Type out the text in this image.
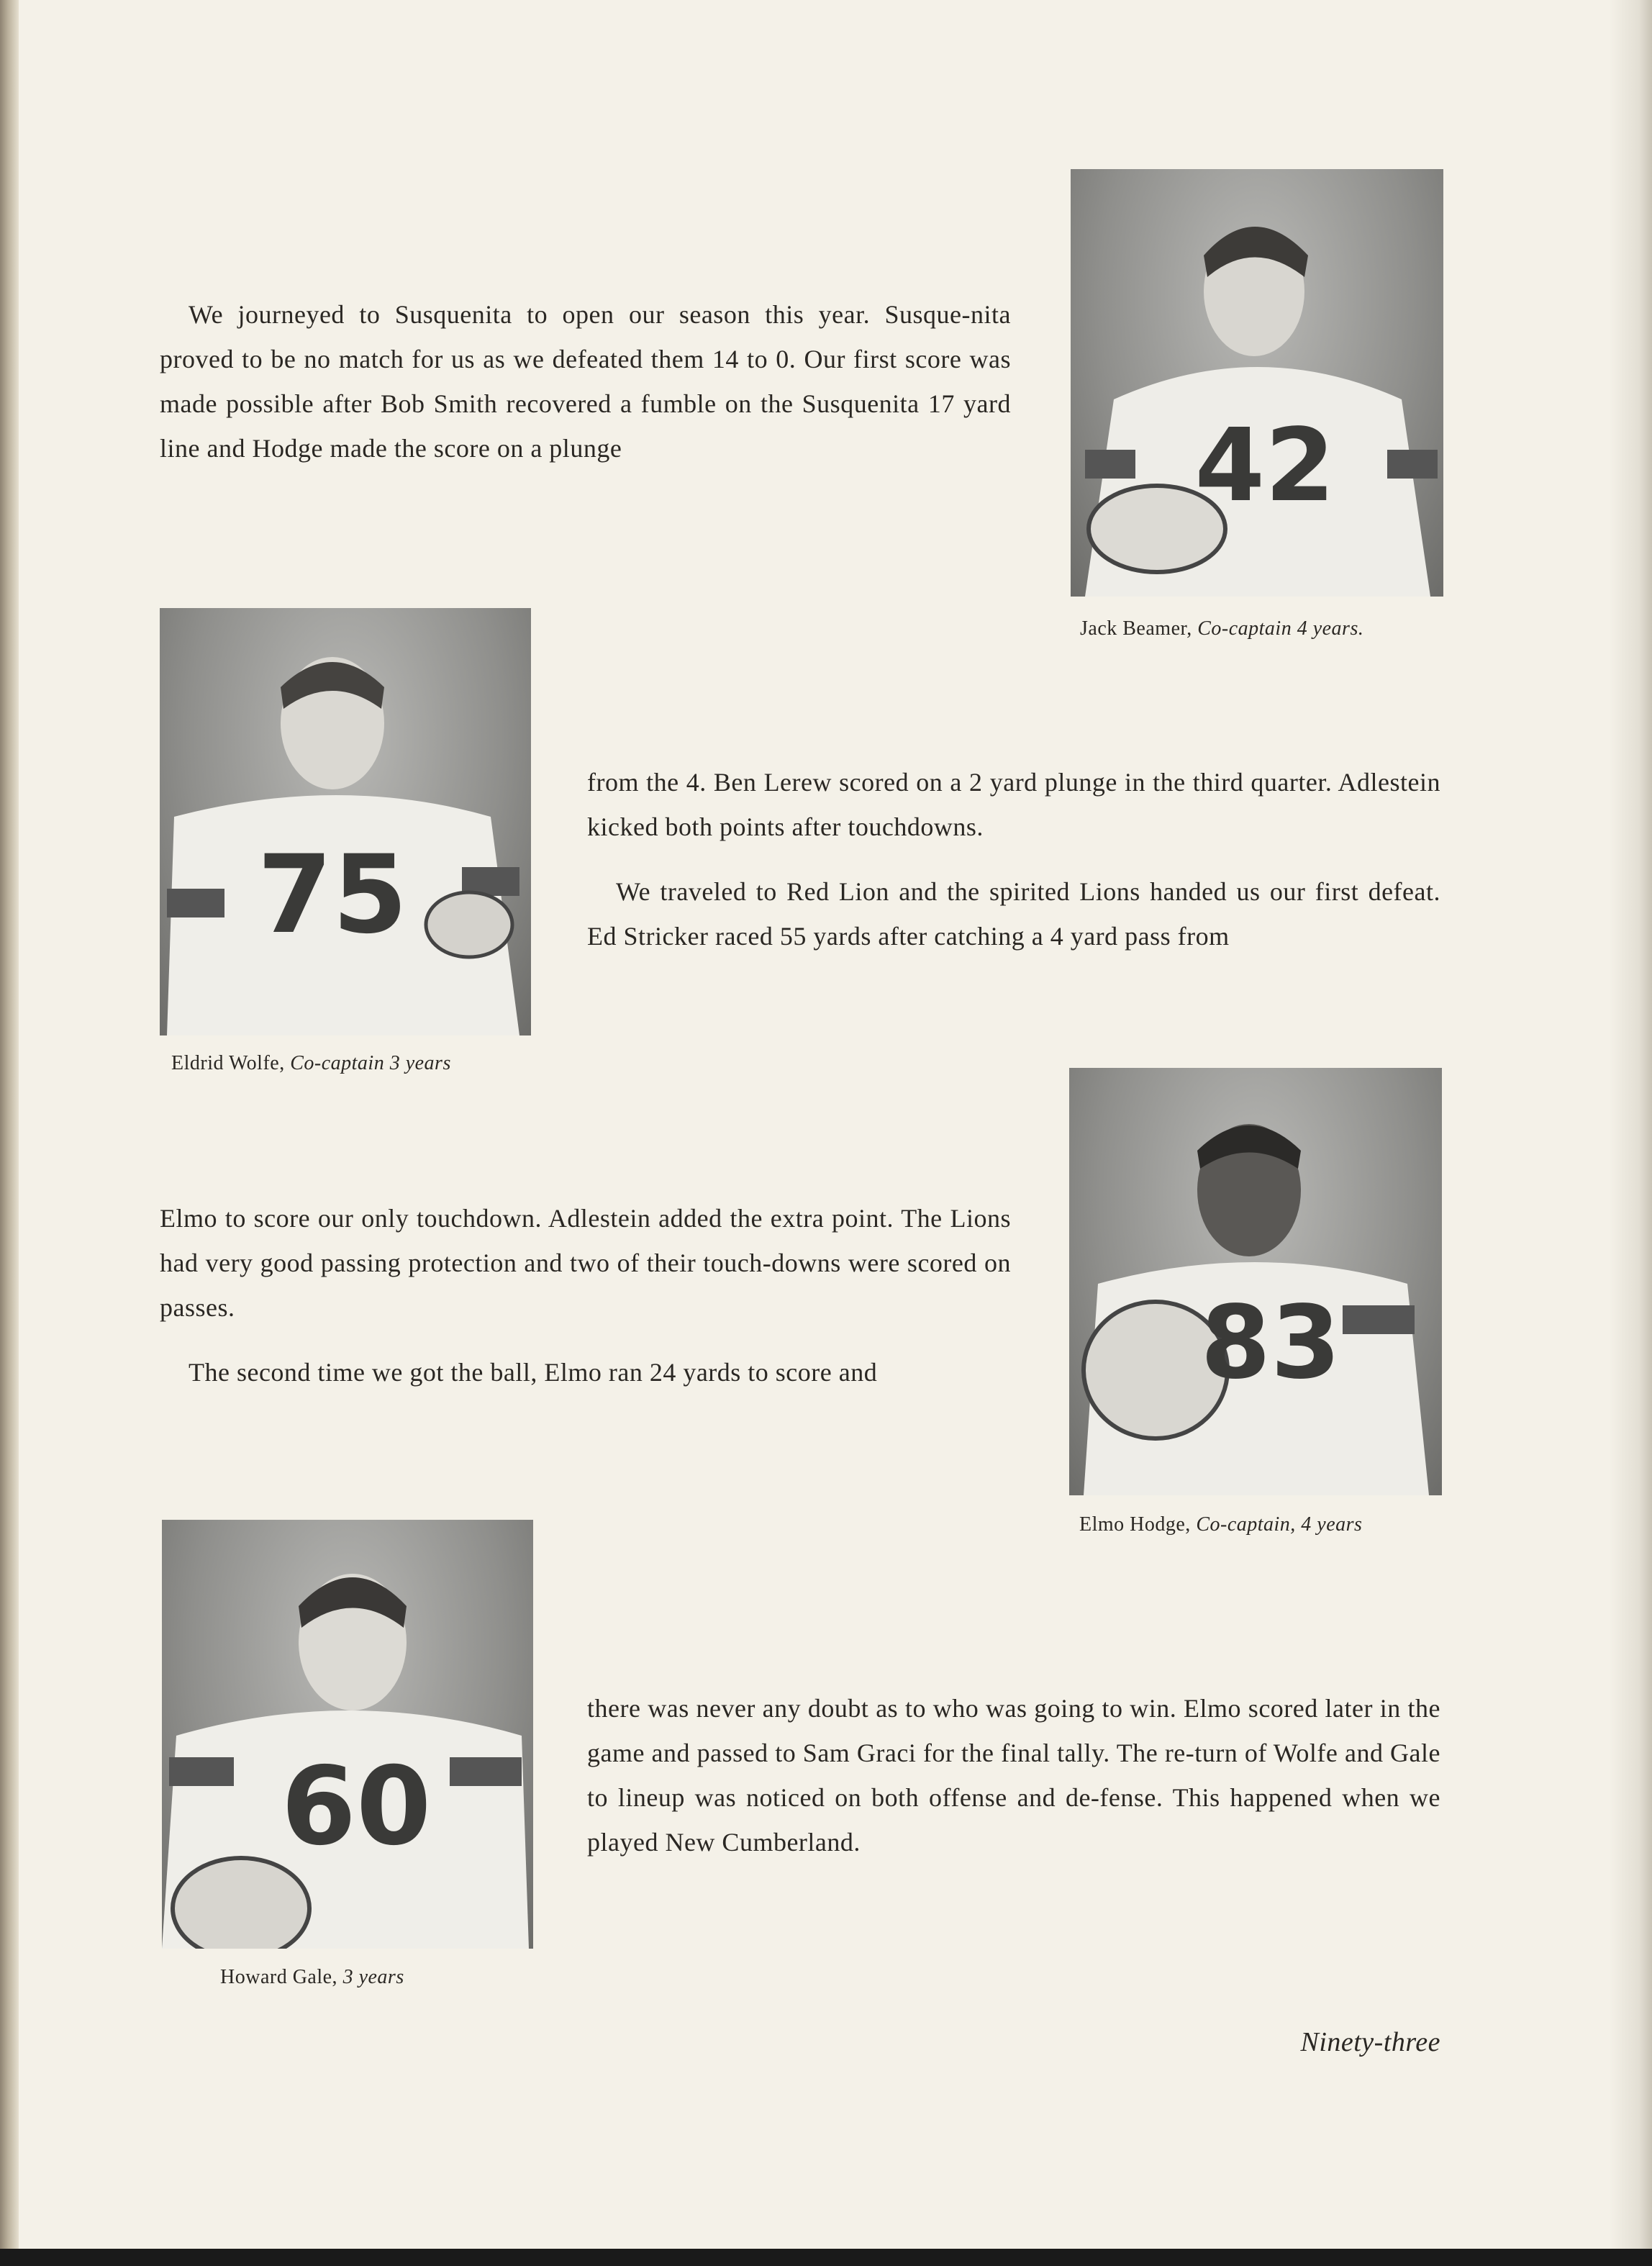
We journeyed to Susquenita to open our season this year. Susque-nita proved to be no match for us as we defeated them 14 to 0. Our first score was made possible after Bob Smith recovered a fumble on the Susquenita 17 yard line and Hodge made the score on a plunge	42
Jack Beamer, Co-captain 4 years.
75
Eldrid Wolfe, Co-captain 3 years

from the 4. Ben Lerew scored on a 2 yard plunge in the third quarter. Adlestein kicked both points after touchdowns.

We traveled to Red Lion and the spirited Lions handed us our first defeat. Ed Stricker raced 55 yards after catching a 4 yard pass from

Elmo to score our only touchdown. Adlestein added the extra point. The Lions had very good passing protection and two of their touch-downs were scored on passes.

The second time we got the ball, Elmo ran 24 yards to score and	83
Elmo Hodge, Co-captain, 4 years
60
Howard Gale, 3 years

there was never any doubt as to who was going to win. Elmo scored later in the game and passed to Sam Graci for the final tally. The re-turn of Wolfe and Gale to lineup was noticed on both offense and de-fense. This happened when we played New Cumberland.

Ninety-three
